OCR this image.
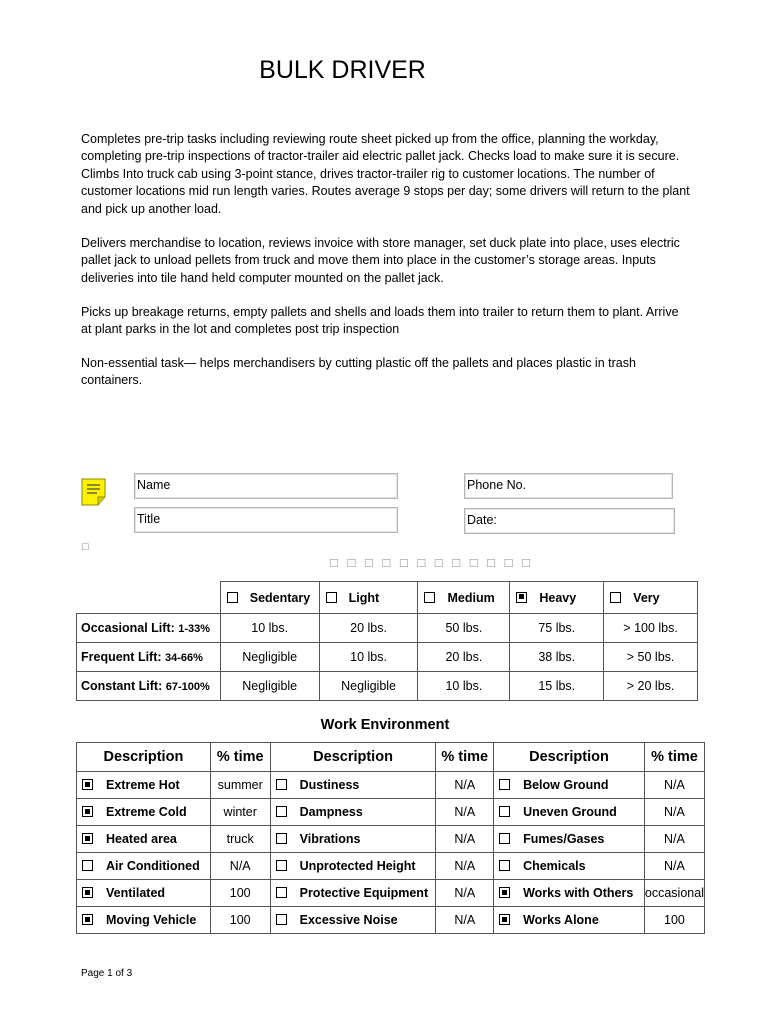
BULK DRIVER

Completes pre-trip tasks including reviewing route sheet picked up from the office, planning the workday, completing pre-trip inspections of tractor-trailer aid electric pallet jack. Checks load to make sure it is secure. Climbs Into truck cab using 3-point stance, drives tractor-trailer rig to customer locations. The number of customer locations mid run length varies. Routes average 9 stops per day; some drivers will return to the plant and pick up another load.

Delivers merchandise to location, reviews invoice with store manager, set duck plate into place, uses electric pallet jack to unload pellets from truck and move them into place in the customer’s storage areas. Inputs deliveries into tile hand held computer mounted on the pallet jack.

Picks up breakage returns, empty pallets and shells and loads them into trailer to return them to plant. Arrive at plant parks in the lot and completes post trip inspection

Non-essential task— helps merchandisers by cutting plastic off the pallets and places plastic in trash containers.

Name	Phone No.
Title	Date:
□
□ □ □ □ □ □ □ □ □ □ □ □
	Sedentary	Light	Medium	Heavy	Very
Occasional Lift: 1-33%	10 lbs.	20 lbs.	50 lbs.	75 lbs.	> 100 lbs.
Frequent Lift: 34-66%	Negligible	10 lbs.	20 lbs.	38 lbs.	> 50 lbs.
Constant Lift: 67-100%	Negligible	Negligible	10 lbs.	15 lbs.	> 20 lbs.
Work Environment
Description	% time	Description	% time	Description	% time
Extreme Hot	summer	Dustiness	N/A	Below Ground	N/A
Extreme Cold	winter	Dampness	N/A	Uneven Ground	N/A
Heated area	truck	Vibrations	N/A	Fumes/Gases	N/A
Air Conditioned	N/A	Unprotected Height	N/A	Chemicals	N/A
Ventilated	100	Protective Equipment	N/A	Works with Others	occasional
Moving Vehicle	100	Excessive Noise	N/A	Works Alone	100
Page 1 of 3
